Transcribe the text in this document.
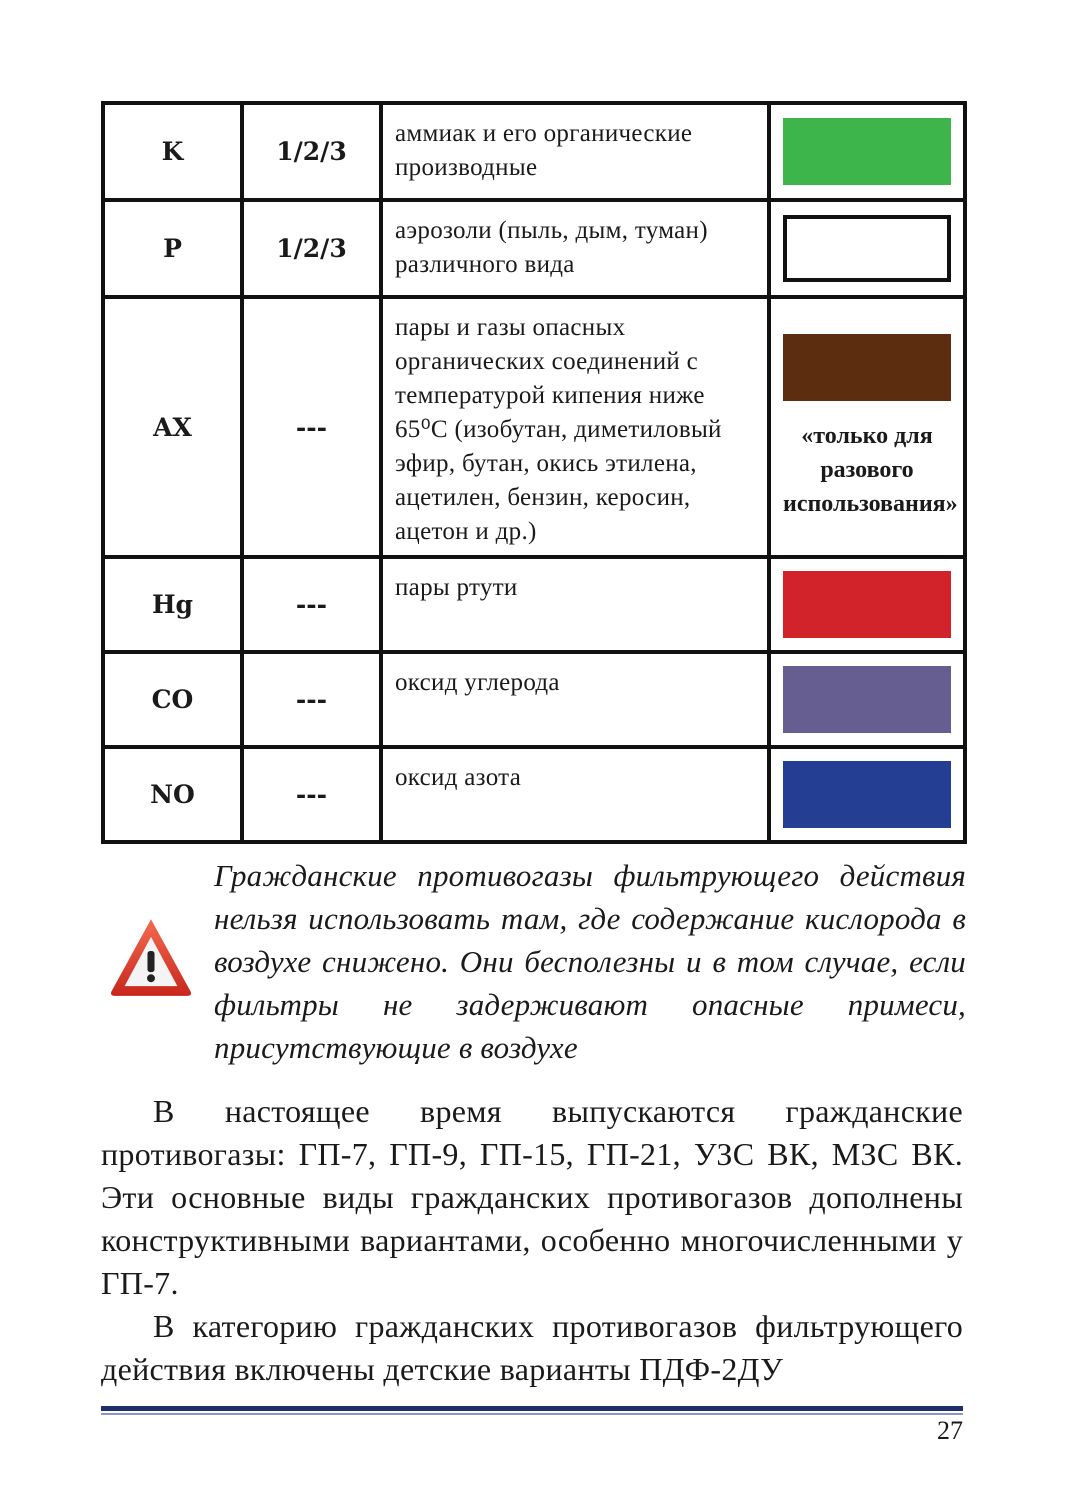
K	1/2/3	аммиак и его органические производные	

P	1/2/3	аэрозоли (пыль, дым, туман) различного вида	

AX	---	пары и газы опасных органических соединений с температурой кипения ниже 65⁰С (изобутан, диметиловый эфир, бутан, окись этилена, ацетилен, бензин, керосин, ацетон и др.)	«только для разового использования»

Hg	---	пары ртути	

CO	---	оксид углерода	

NO	---	оксид азота	
Гражданские противогазы фильтрующего действия нельзя использовать там, где содержание кислорода в воздухе снижено. Они бесполезны и в том случае, если фильтры не задерживают опасные примеси, присутствующие в воздухе

В настоящее время выпускаются гражданские противогазы: ГП-7, ГП-9, ГП-15, ГП-21, УЗС ВК, МЗС ВК. Эти основные виды гражданских противогазов дополнены конструктивными вариантами, особенно многочисленными у ГП-7.

В категорию гражданских противогазов фильтрующего действия включены детские варианты ПДФ-2ДУ

27
